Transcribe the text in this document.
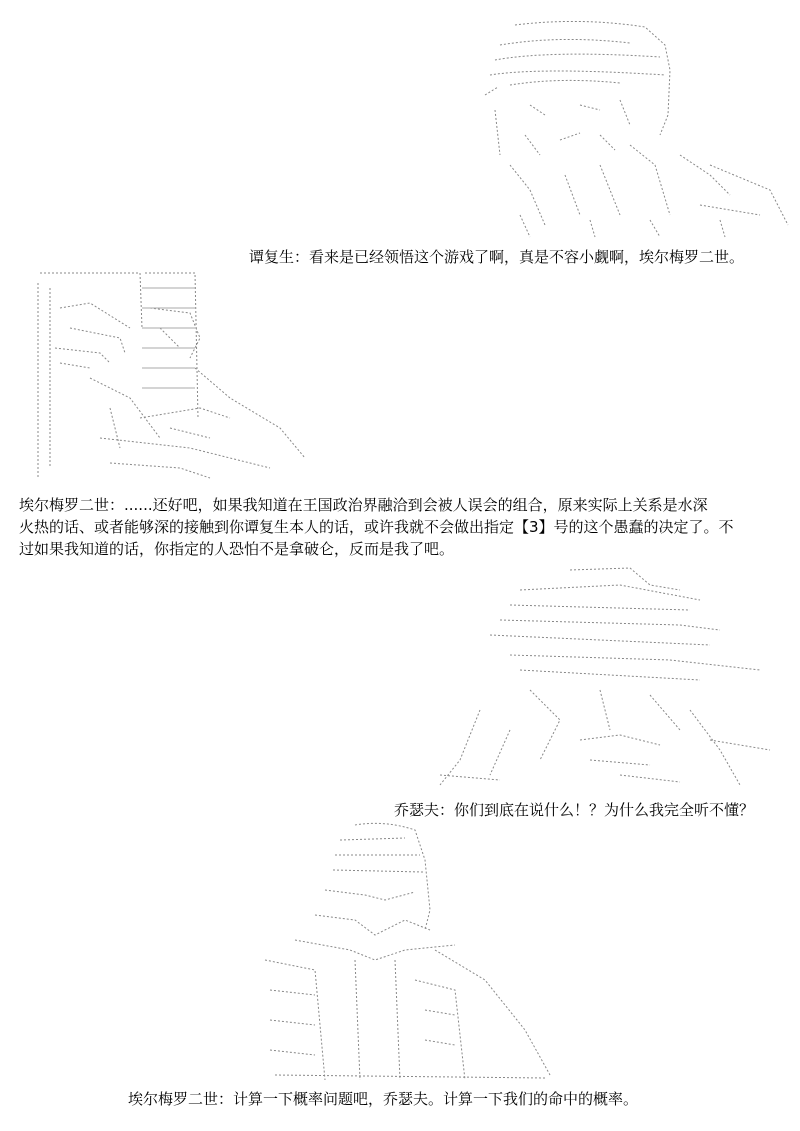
谭复生：看来是已经领悟这个游戏了啊，真是不容小觑啊，埃尔梅罗二世。
埃尔梅罗二世：......还好吧，如果我知道在王国政治界融洽到会被人误会的组合，原来实际上关系是水深
火热的话、或者能够深的接触到你谭复生本人的话，或许我就不会做出指定【3】号的这个愚蠢的决定了。不
过如果我知道的话，你指定的人恐怕不是拿破仑，反而是我了吧。
乔瑟夫：你们到底在说什么！？为什么我完全听不懂？
埃尔梅罗二世：计算一下概率问题吧，乔瑟夫。计算一下我们的命中的概率。
